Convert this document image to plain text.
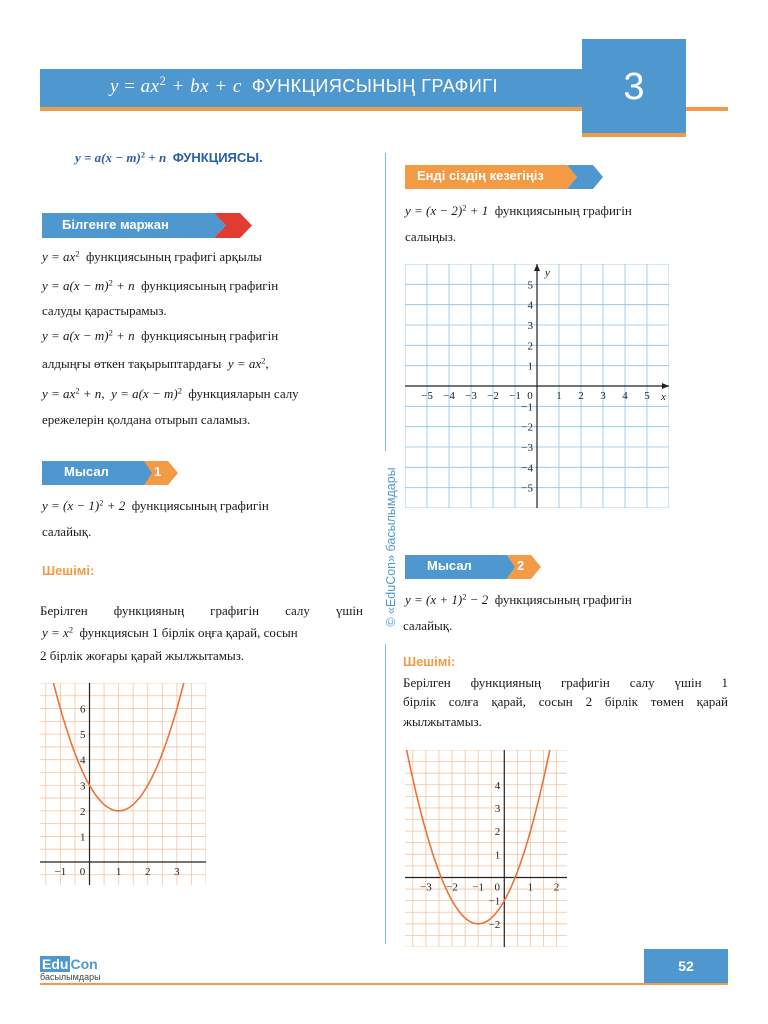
$y = ax^2$ + bx + c ФУНКЦИЯСЫНЫҢ ГРАФИГІ	3
$y = a(x - m)^2 + n$ ФУНКЦИЯСЫ.
Білгенге маржан
$y = ax^2$ функциясының графигі арқылы
$y = a(x - m)^2 + n$ функциясының графигін
салуды қарастырамыз.
$y = a(x - m)^2 + n$ функциясының графигін
алдыңғы өткен тақырыптардағы $y = ax^2$,
$y = ax^2 + n$, $y = a(x - m)^2$ функцияларын салу
ережелерін қолдана отырып саламыз.
Мысал	1
$y = (x - 1)^2 + 2$ функциясының графигін
салайық.
Шешімі:
Берілген функцияның графигін салу үшін
$y = x^2$ функциясын 1 бірлік оңға қарай, сосын
2 бірлік жоғары қарай жылжытамыз.
−1 0	1 2 3
1
2
3
4
5
6
© «EduCon» басылымдары
Енді сіздің кезегіңіз
$y = (x - 2)^2 + 1$ функциясының графигін
салыңыз.
−5 −4 −3 −2 −1 0 1 2 3 4 5
5
4
3
2
1
−1
−2
−3
−4
−5
x
y
Мысал	2
$y = (x + 1)^2 - 2$ функциясының графигін
салайық.
Шешімі:
Берілген функцияның графигін салу үшін 1
бірлік солға қарай, сосын 2 бірлік төмен қарай
жылжытамыз.
−3 −2 −1 0	1 2
4
3
2
1
−1
−2
Edu Con
басылымдары
52
